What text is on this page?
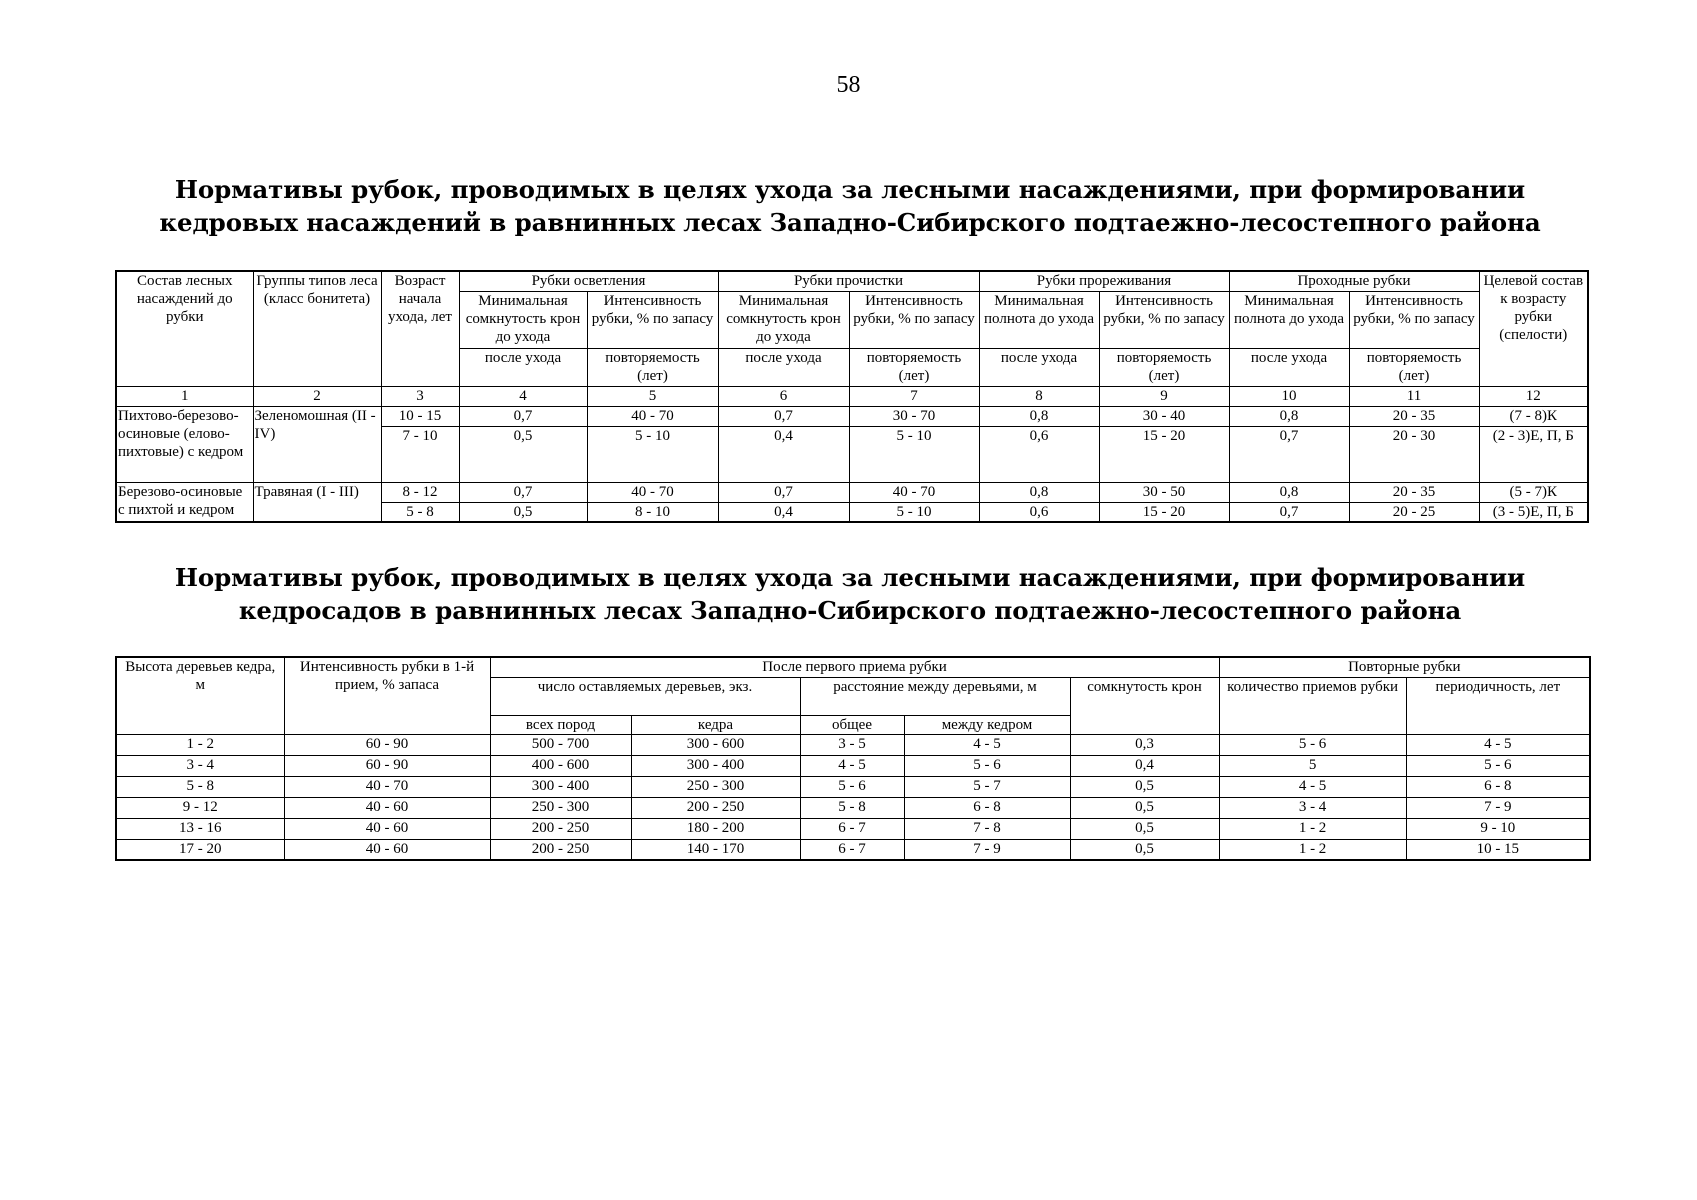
58
Нормативы рубок, проводимых в целях ухода за лесными насаждениями, при формировании кедровых насаждений в равнинных лесах Западно-Сибирского подтаежно-лесостепного района
Состав лесных насаждений до рубки	Группы типов леса (класс бонитета)	Возраст начала ухода, лет	Рубки осветления		Рубки прочистки		Рубки прореживания		Проходные рубки		Целевой состав к возрасту рубки (спелости)
			Минимальная сомкнутость крон до ухода	Интенсивность рубки, % по запасу	Минимальная сомкнутость крон до ухода	Интенсивность рубки, % по запасу	Минимальная полнота до ухода	Интенсивность рубки, % по запасу	Минимальная полнота до ухода	Интенсивность рубки, % по запасу	
			после ухода	повторяемость (лет)	после ухода	повторяемость (лет)	после ухода	повторяемость (лет)	после ухода	повторяемость (лет)	
1	2	3	4	5	6	7	8	9	10	11	12
Пихтово-березово-осиновые (елово-пихтовые) с кедром	Зеленомошная (II - IV)	10 - 15	0,7	40 - 70	0,7	30 - 70	0,8	30 - 40	0,8	20 - 35	(7 - 8)К
		7 - 10	0,5	5 - 10	0,4	5 - 10	0,6	15 - 20	0,7	20 - 30	(2 - 3)Е, П, Б
Березово-осиновые с пихтой и кедром	Травяная (I - III)	8 - 12	0,7	40 - 70	0,7	40 - 70	0,8	30 - 50	0,8	20 - 35	(5 - 7)К
		5 - 8	0,5	8 - 10	0,4	5 - 10	0,6	15 - 20	0,7	20 - 25	(3 - 5)Е, П, Б
Нормативы рубок, проводимых в целях ухода за лесными насаждениями, при формировании кедросадов в равнинных лесах Западно-Сибирского подтаежно-лесостепного района
Высота деревьев кедра, м	Интенсивность рубки в 1-й прием, % запаса	После первого приема рубки					Повторные рубки	
		число оставляемых деревьев, экз.		расстояние между деревьями, м		сомкнутость крон	количество приемов рубки	периодичность, лет
		всех пород	кедра	общее	между кедром			
1 - 2	60 - 90	500 - 700	300 - 600	3 - 5	4 - 5	0,3	5 - 6	4 - 5
3 - 4	60 - 90	400 - 600	300 - 400	4 - 5	5 - 6	0,4	5	5 - 6
5 - 8	40 - 70	300 - 400	250 - 300	5 - 6	5 - 7	0,5	4 - 5	6 - 8
9 - 12	40 - 60	250 - 300	200 - 250	5 - 8	6 - 8	0,5	3 - 4	7 - 9
13 - 16	40 - 60	200 - 250	180 - 200	6 - 7	7 - 8	0,5	1 - 2	9 - 10
17 - 20	40 - 60	200 - 250	140 - 170	6 - 7	7 - 9	0,5	1 - 2	10 - 15
